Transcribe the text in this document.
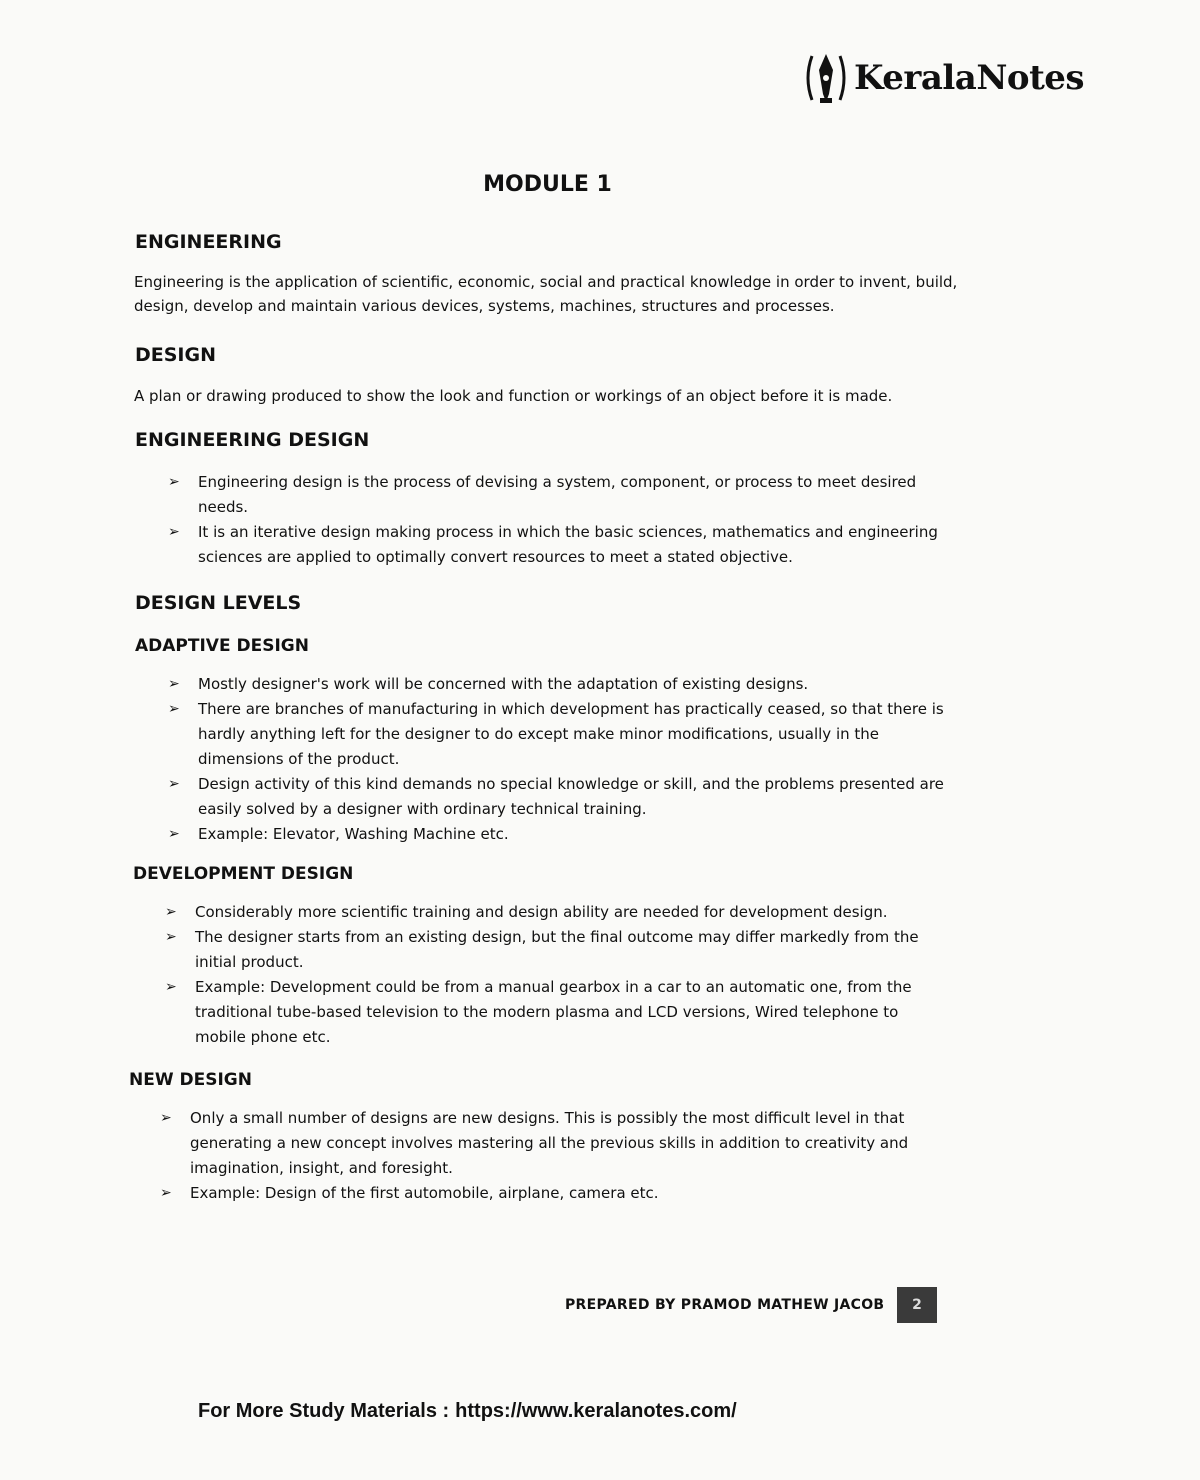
KeralaNotes
MODULE 1
ENGINEERING
Engineering is the application of scientific, economic, social and practical knowledge in order to invent, build, design, develop and maintain various devices, systems, machines, structures and processes.
DESIGN
A plan or drawing produced to show the look and function or workings of an object before it is made.
ENGINEERING DESIGN
➢ Engineering design is the process of devising a system, component, or process to meet desired needs.
➢ It is an iterative design making process in which the basic sciences, mathematics and engineering sciences are applied to optimally convert resources to meet a stated objective.
DESIGN LEVELS
ADAPTIVE DESIGN
➢ Mostly designer's work will be concerned with the adaptation of existing designs.
➢ There are branches of manufacturing in which development has practically ceased, so that there is hardly anything left for the designer to do except make minor modifications, usually in the dimensions of the product.
➢ Design activity of this kind demands no special knowledge or skill, and the problems presented are easily solved by a designer with ordinary technical training.
➢ Example: Elevator, Washing Machine etc.
DEVELOPMENT DESIGN
➢ Considerably more scientific training and design ability are needed for development design.
➢ The designer starts from an existing design, but the final outcome may differ markedly from the initial product.
➢ Example: Development could be from a manual gearbox in a car to an automatic one, from the traditional tube-based television to the modern plasma and LCD versions, Wired telephone to mobile phone etc.
NEW DESIGN
➢ Only a small number of designs are new designs. This is possibly the most difficult level in that generating a new concept involves mastering all the previous skills in addition to creativity and imagination, insight, and foresight.
➢ Example: Design of the first automobile, airplane, camera etc.
PREPARED BY PRAMOD MATHEW JACOB	2
For More Study Materials : https://www.keralanotes.com/
